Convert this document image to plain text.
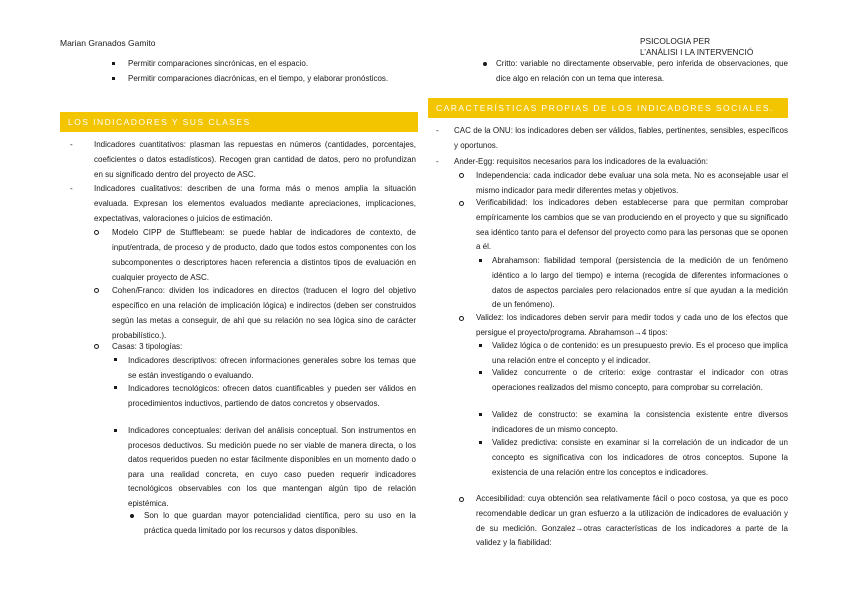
Marian Granados Gamito	PSICOLOGIA PER
L’ANÀLISI I LA INTERVENCIÓ
Permitir comparaciones sincrónicas, en el espacio.
Permitir comparaciones diacrónicas, en el tiempo, y elaborar pronósticos.
LOS INDICADORES Y SUS CLASES
-	Indicadores cuantitativos: plasman las repuestas en números (cantidades, porcentajes, coeficientes o datos estadísticos). Recogen gran cantidad de datos, pero no profundizan en su significado dentro del proyecto de ASC.
-	Indicadores cualitativos: describen de una forma más o menos amplia la situación evaluada. Expresan los elementos evaluados mediante apreciaciones, implicaciones, expectativas, valoraciones o juicios de estimación.
Modelo CIPP de Stufflebeam: se puede hablar de indicadores de contexto, de input/entrada, de proceso y de producto, dado que todos estos componentes con los subcomponentes o descriptores hacen referencia a distintos tipos de evaluación en cualquier proyecto de ASC.
Cohen/Franco: dividen los indicadores en directos (traducen el logro del objetivo específico en una relación de implicación lógica) e indirectos (deben ser construidos según las metas a conseguir, de ahí que su relación no sea lógica sino de carácter probabilístico.).
Casas: 3 tipologías:
Indicadores descriptivos: ofrecen informaciones generales sobre los temas que se están investigando o evaluando.
Indicadores tecnológicos: ofrecen datos cuantificables y pueden ser válidos en procedimientos inductivos, partiendo de datos concretos y observados.
Indicadores conceptuales: derivan del análisis conceptual. Son instrumentos en procesos deductivos. Su medición puede no ser viable de manera directa, o los datos requeridos pueden no estar fácilmente disponibles en un momento dado o para una realidad concreta, en cuyo caso pueden requerir indicadores tecnológicos observables con los que mantengan algún tipo de relación epistémica.
Son lo que guardan mayor potencialidad científica, pero su uso en la práctica queda limitado por los recursos y datos disponibles.
Critto: variable no directamente observable, pero inferida de observaciones, que dice algo en relación con un tema que interesa.
CARACTERÍSTICAS PROPIAS DE LOS INDICADORES SOCIALES.
- CAC de la ONU: los indicadores deben ser válidos, fiables, pertinentes, sensibles, específicos y oportunos.
- Ander-Egg: requisitos necesarios para los indicadores de la evaluación:
Independencia: cada indicador debe evaluar una sola meta. No es aconsejable usar el mismo indicador para medir diferentes metas y objetivos.
Verificabilidad: los indicadores deben establecerse para que permitan comprobar empíricamente los cambios que se van produciendo en el proyecto y que su significado sea idéntico tanto para el defensor del proyecto como para las personas que se oponen a él.
Abrahamson: fiabilidad temporal (persistencia de la medición de un fenómeno idéntico a lo largo del tiempo) e interna (recogida de diferentes informaciones o datos de aspectos parciales pero relacionados entre sí que ayudan a la medición de un fenómeno).
Validez: los indicadores deben servir para medir todos y cada uno de los efectos que persigue el proyecto/programa. Abrahamson→4 tipos:
Validez lógica o de contenido: es un presupuesto previo. Es el proceso que implica una relación entre el concepto y el indicador.
Validez concurrente o de criterio: exige contrastar el indicador con otras operaciones realizados del mismo concepto, para comprobar su correlación.
Validez de constructo: se examina la consistencia existente entre diversos indicadores de un mismo concepto.
Validez predictiva: consiste en examinar si la correlación de un indicador de un concepto es significativa con los indicadores de otros conceptos. Supone la existencia de una relación entre los conceptos e indicadores.
Accesibilidad: cuya obtención sea relativamente fácil o poco costosa, ya que es poco recomendable dedicar un gran esfuerzo a la utilización de indicadores de evaluación y de su medición. Gonzalez→otras características de los indicadores a parte de la validez y la fiabilidad:
